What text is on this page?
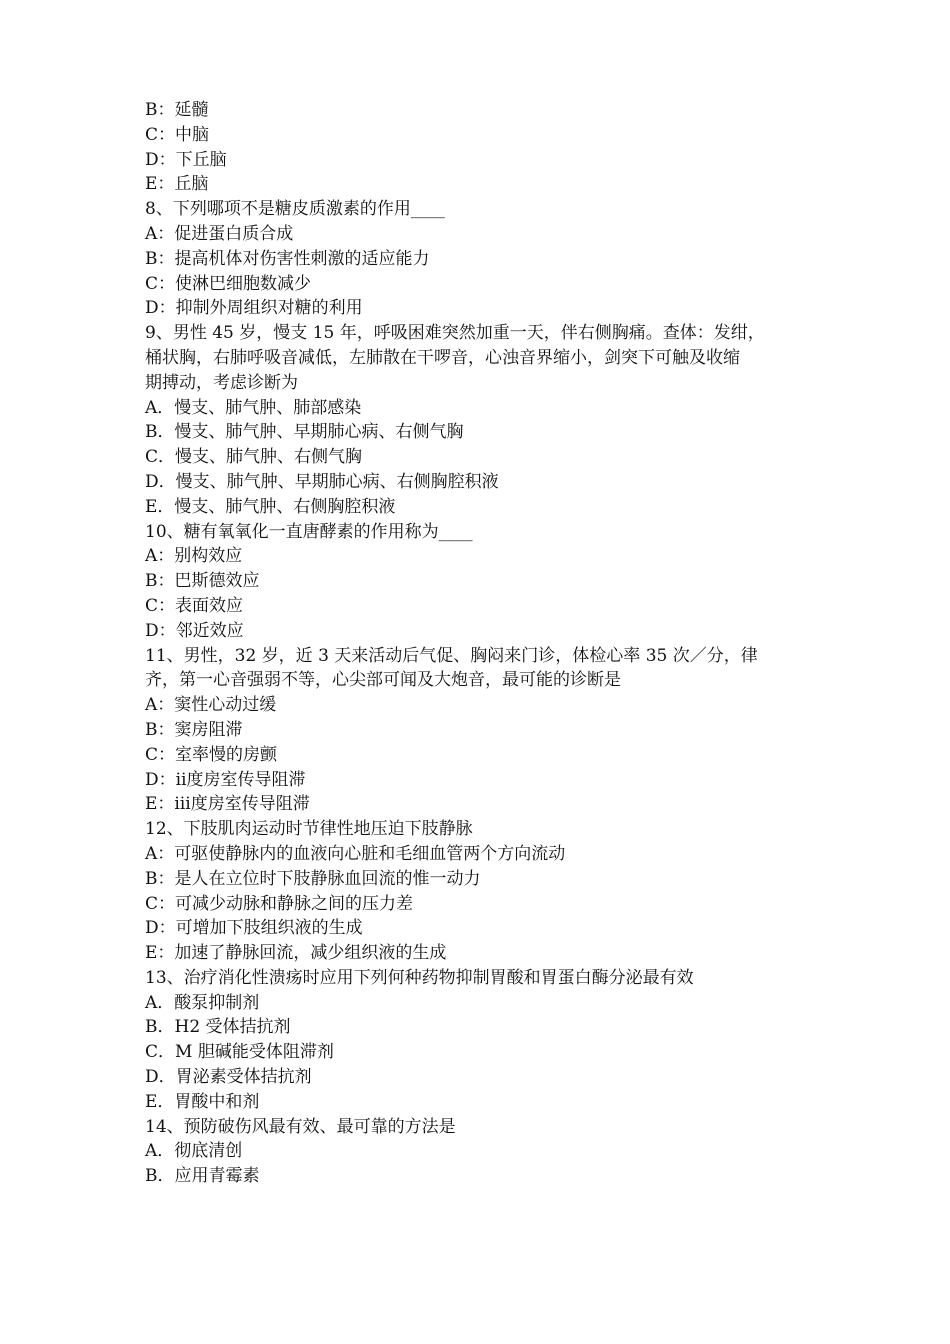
B：延髓
C：中脑
D：下丘脑
E：丘脑
8、下列哪项不是糖皮质激素的作用____
A：促进蛋白质合成
B：提高机体对伤害性刺激的适应能力
C：使淋巴细胞数减少
D：抑制外周组织对糖的利用
9、男性 45 岁，慢支 15 年，呼吸困难突然加重一天，伴右侧胸痛。查体：发绀，
桶状胸，右肺呼吸音减低，左肺散在干啰音，心浊音界缩小，剑突下可触及收缩
期搏动，考虑诊断为
A．慢支、肺气肿、肺部感染
B．慢支、肺气肿、早期肺心病、右侧气胸
C．慢支、肺气肿、右侧气胸
D．慢支、肺气肿、早期肺心病、右侧胸腔积液
E．慢支、肺气肿、右侧胸腔积液
10、糖有氧氧化一直唐酵素的作用称为____
A：别构效应
B：巴斯德效应
C：表面效应
D：邻近效应
11、男性，32 岁，近 3 天来活动后气促、胸闷来门诊，体检心率 35 次／分，律
齐，第一心音强弱不等，心尖部可闻及大炮音，最可能的诊断是
A：窦性心动过缓
B：窦房阻滞
C：室率慢的房颤
D：ⅱ度房室传导阻滞
E：ⅲ度房室传导阻滞
12、下肢肌肉运动时节律性地压迫下肢静脉
A：可驱使静脉内的血液向心脏和毛细血管两个方向流动
B：是人在立位时下肢静脉血回流的惟一动力
C：可减少动脉和静脉之间的压力差
D：可增加下肢组织液的生成
E：加速了静脉回流，减少组织液的生成
13、治疗消化性溃疡时应用下列何种药物抑制胃酸和胃蛋白酶分泌最有效
A．酸泵抑制剂
B．H2 受体拮抗剂
C．M 胆碱能受体阻滞剂
D．胃泌素受体拮抗剂
E．胃酸中和剂
14、预防破伤风最有效、最可靠的方法是
A．彻底清创
B．应用青霉素
